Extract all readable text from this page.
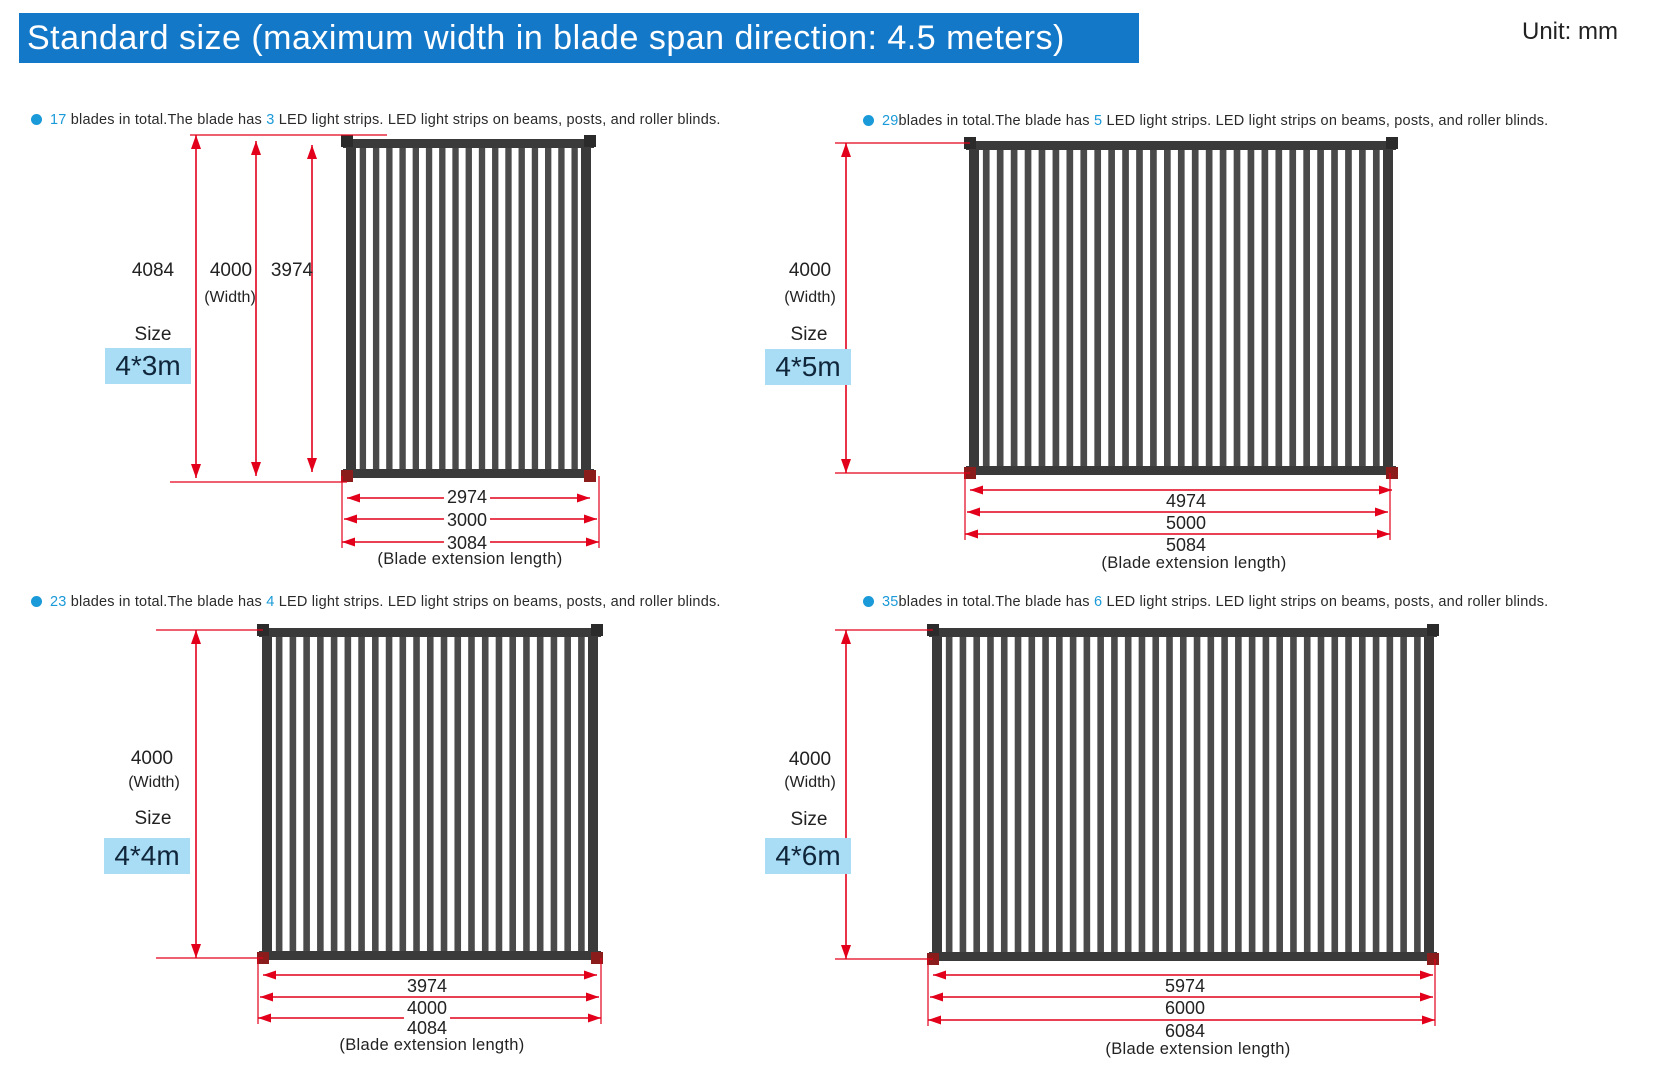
Standard size (maximum width in blade span direction: 4.5 meters)	Unit: mm
17 blades in total.The blade has 3 LED light strips. LED light strips on beams, posts, and roller blinds.
4084 4000 3974
(Width)
Size
4*3m
2974
3000
3084
(Blade extension length)
29blades in total.The blade has 5 LED light strips. LED light strips on beams, posts, and roller blinds.
4000
(Width)
Size
4*5m
4974
5000
5084
(Blade extension length)
23 blades in total.The blade has 4 LED light strips. LED light strips on beams, posts, and roller blinds.
4000
(Width)
Size
4*4m
3974
4000
4084
(Blade extension length)
35blades in total.The blade has 6 LED light strips. LED light strips on beams, posts, and roller blinds.
4000
(Width)
Size
4*6m
5974
6000
6084
(Blade extension length)
